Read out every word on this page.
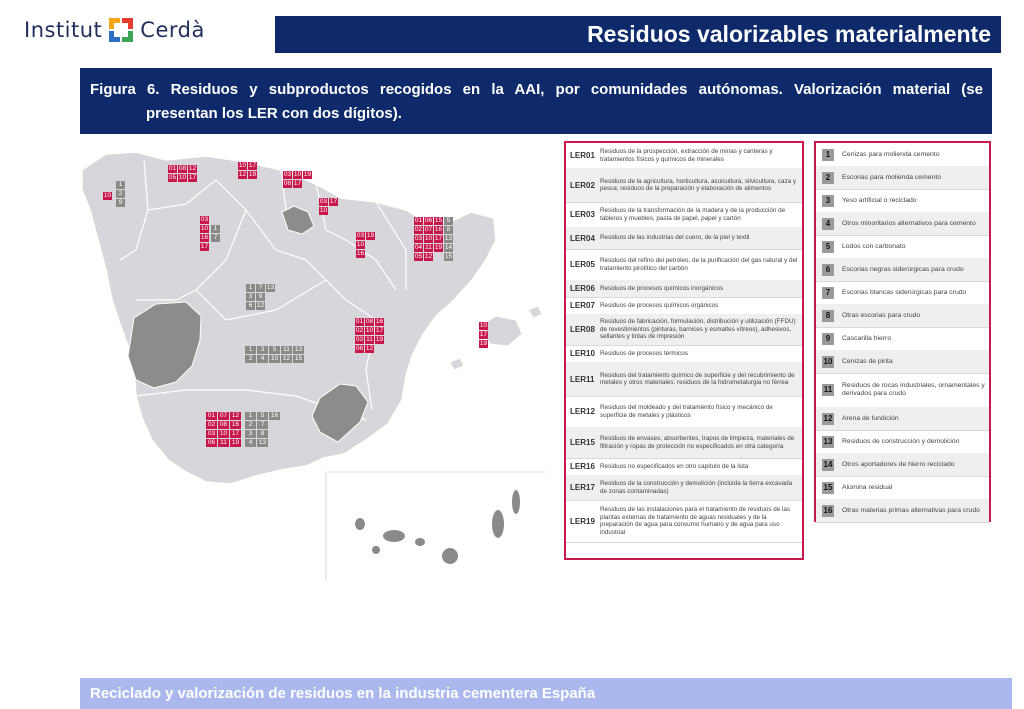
Institut Cerdà	Residuos valorizables materialmente
Figura 6. Residuos y subproductos recogidos en la AAI, por comunidades autónomas. Valorización material (se
presentan los LER con dos dígitos).
01 08 12
05 10 17
1
2
9
10
10 17
12 19	03 10 19
06 17
03 17
10
03
10
16
17
1
7	03 19
10
16
01 06 15 5
02 07 16 8
03 10 17 13
04 11 19 14
05 12 15
1 7 13
3 9
6 12
01 08 16
02 10 17
03 11 19
06 12
10
17
19
1	3	5	11 13
2	4	10 12 15
01 07 12
02 08 16
03 10 17
06 11 19
1	5	16
2	7
3	8
4	13
LER01 Residuos de la prospección, extracción de minas y canteras y tratamientos físicos y químicos de minerales
LER02 Residuos de la agricultura, horticultura, acuicultura, silvicultura, caza y pesca; residuos de la preparación y elaboración de alimentos
LER03 Residuos de la transformación de la madera y de la producción de tableros y muebles, pasta de papel, papel y cartón
LER04 Residuos de las industrias del cuero, de la piel y textil
LER05 Residuos del refino del petróleo, de la purificación del gas natural y del tratamiento pirolítico del carbón
LER06 Residuos de procesos químicos inorgánicos
LER07 Residuos de procesos químicos orgánicos
LER08
Residuos de fabricación, formulación, distribución y utilización (FFDU) de revestimientos (pinturas, barnices y esmaltes vítreos), adhesivos, sellantes y tintas de impresión
LER10 Residuos de procesos térmicos
LER11 Residuos del tratamiento químico de superficie y del recubrimiento de metales y otros materiales; residuos de la hidrometalurgia no férrea
LER12 Residuos del moldeado y del tratamiento físico y mecánico de superficie de metales y plásticos
LER15 Residuos de envases; absorbentes, trapos de limpieza, materiales de filtración y ropas de protección no especificados en otra categoría
LER16 Residuos no especificados en otro capítulo de la lista
LER17 Residuos de la construcción y demolición (incluida la tierra excavada de zonas contaminadas)
LER19
Residuos de las instalaciones para el tratamiento de residuos de las plantas externas de tratamiento de aguas residuales y de la preparación de agua para consumo humano y de agua para uso industrial
1	Cenizas para molienda cemento
2	Escorias para molienda cemento
3	Yeso artificial o reciclado
4	Otros minoritarios alternativos para cemento
5	Lodos con carbonato
6	Escorias negras siderúrgicas para crudo
7	Escorias blancas siderúrgicas para crudo
8	Otras escorias para crudo
9	Cascarilla hierro
10 Cenizas de pirita
11 Residuos de rocas industriales, ornamentales y derivados para crudo
12 Arena de fundición
13 Residuos de construcción y demolición
14 Otros aportadores de hierro reciclado
15 Alúmina residual
16 Otras materias primas alternativas para crudo
Reciclado y valorización de residuos en la industria cementera España
